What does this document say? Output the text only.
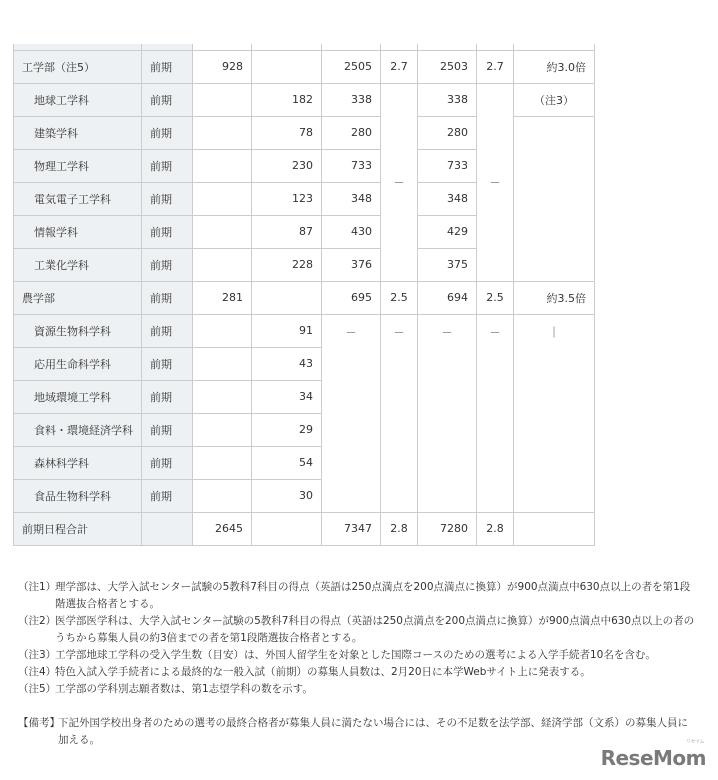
工学部（注5）	前期	928		2505	2.7	2503	2.7	約3.0倍
地球工学科	前期		182	338	－	338	－	（注3）
建築学科	前期		78	280		280		
物理工学科	前期		230	733		733		
電気電子工学科	前期		123	348		348		
情報学科	前期		87	430		429		
工業化学科	前期		228	376		375		
農学部	前期	281		695	2.5	694	2.5	約3.5倍
資源生物科学科	前期		91	－	－	－	－	｜
応用生命科学科	前期		43					
地域環境工学科	前期		34					
食料・環境経済学科	前期		29					
森林科学科	前期		54					
食品生物科学科	前期		30					
前期日程合計		2645		7347	2.8	7280	2.8	
（注1）
理学部は、大学入試センター試験の5教科7科目の得点（英語は250点満点を200点満点に換算）が900点満点中630点以上の者を第1段階選抜合格者とする。
（注2）
医学部医学科は、大学入試センター試験の5教科7科目の得点（英語は250点満点を200点満点に換算）が900点満点中630点以上の者のうちから募集人員の約3倍までの者を第1段階選抜合格者とする。
（注3）
工学部地球工学科の受入学生数（目安）は、外国人留学生を対象とした国際コースのための選考による入学手続者10名を含む。
（注4）
特色入試入学手続者による最終的な一般入試（前期）の募集人員数は、2月20日に本学Webサイト上に発表する。
（注5）
工学部の学科別志願者数は、第1志望学科の数を示す。
【備考】
下記外国学校出身者のための選考の最終合格者が募集人員に満たない場合には、その不足数を法学部、経済学部（文系）の募集人員に加える。	リセマム
ReseMom
